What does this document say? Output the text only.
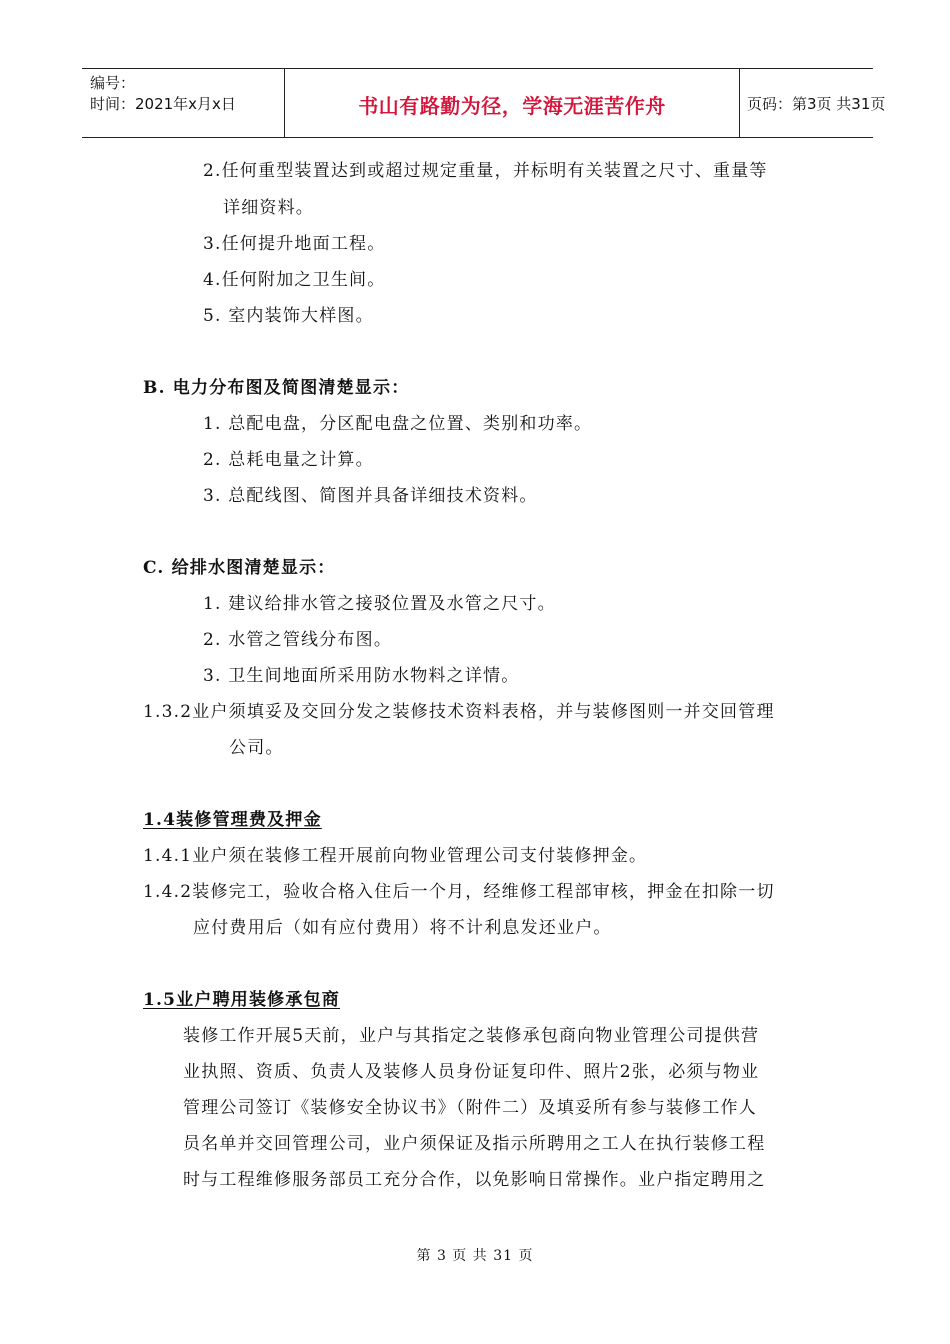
编号：
时间：2021年x月x日	书山有路勤为径，学海无涯苦作舟	页码：第3页 共31页
2.任何重型装置达到或超过规定重量，并标明有关装置之尺寸、重量等
详细资料。
3.任何提升地面工程。
4.任何附加之卫生间。
5. 室内装饰大样图。
B. 电力分布图及简图清楚显示：
1. 总配电盘，分区配电盘之位置、类别和功率。
2. 总耗电量之计算。
3. 总配线图、简图并具备详细技术资料。
C. 给排水图清楚显示：
1. 建议给排水管之接驳位置及水管之尺寸。
2. 水管之管线分布图。
3. 卫生间地面所采用防水物料之详情。
1.3.2业户须填妥及交回分发之装修技术资料表格，并与装修图则一并交回管理
公司。
1.4装修管理费及押金
1.4.1业户须在装修工程开展前向物业管理公司支付装修押金。
1.4.2装修完工，验收合格入住后一个月，经维修工程部审核，押金在扣除一切
应付费用后（如有应付费用）将不计利息发还业户。
1.5业户聘用装修承包商
装修工作开展5天前，业户与其指定之装修承包商向物业管理公司提供营
业执照、资质、负责人及装修人员身份证复印件、照片2张，必须与物业
管理公司签订《装修安全协议书》（附件二）及填妥所有参与装修工作人
员名单并交回管理公司，业户须保证及指示所聘用之工人在执行装修工程
时与工程维修服务部员工充分合作，以免影响日常操作。业户指定聘用之
第 3 页 共 31 页
